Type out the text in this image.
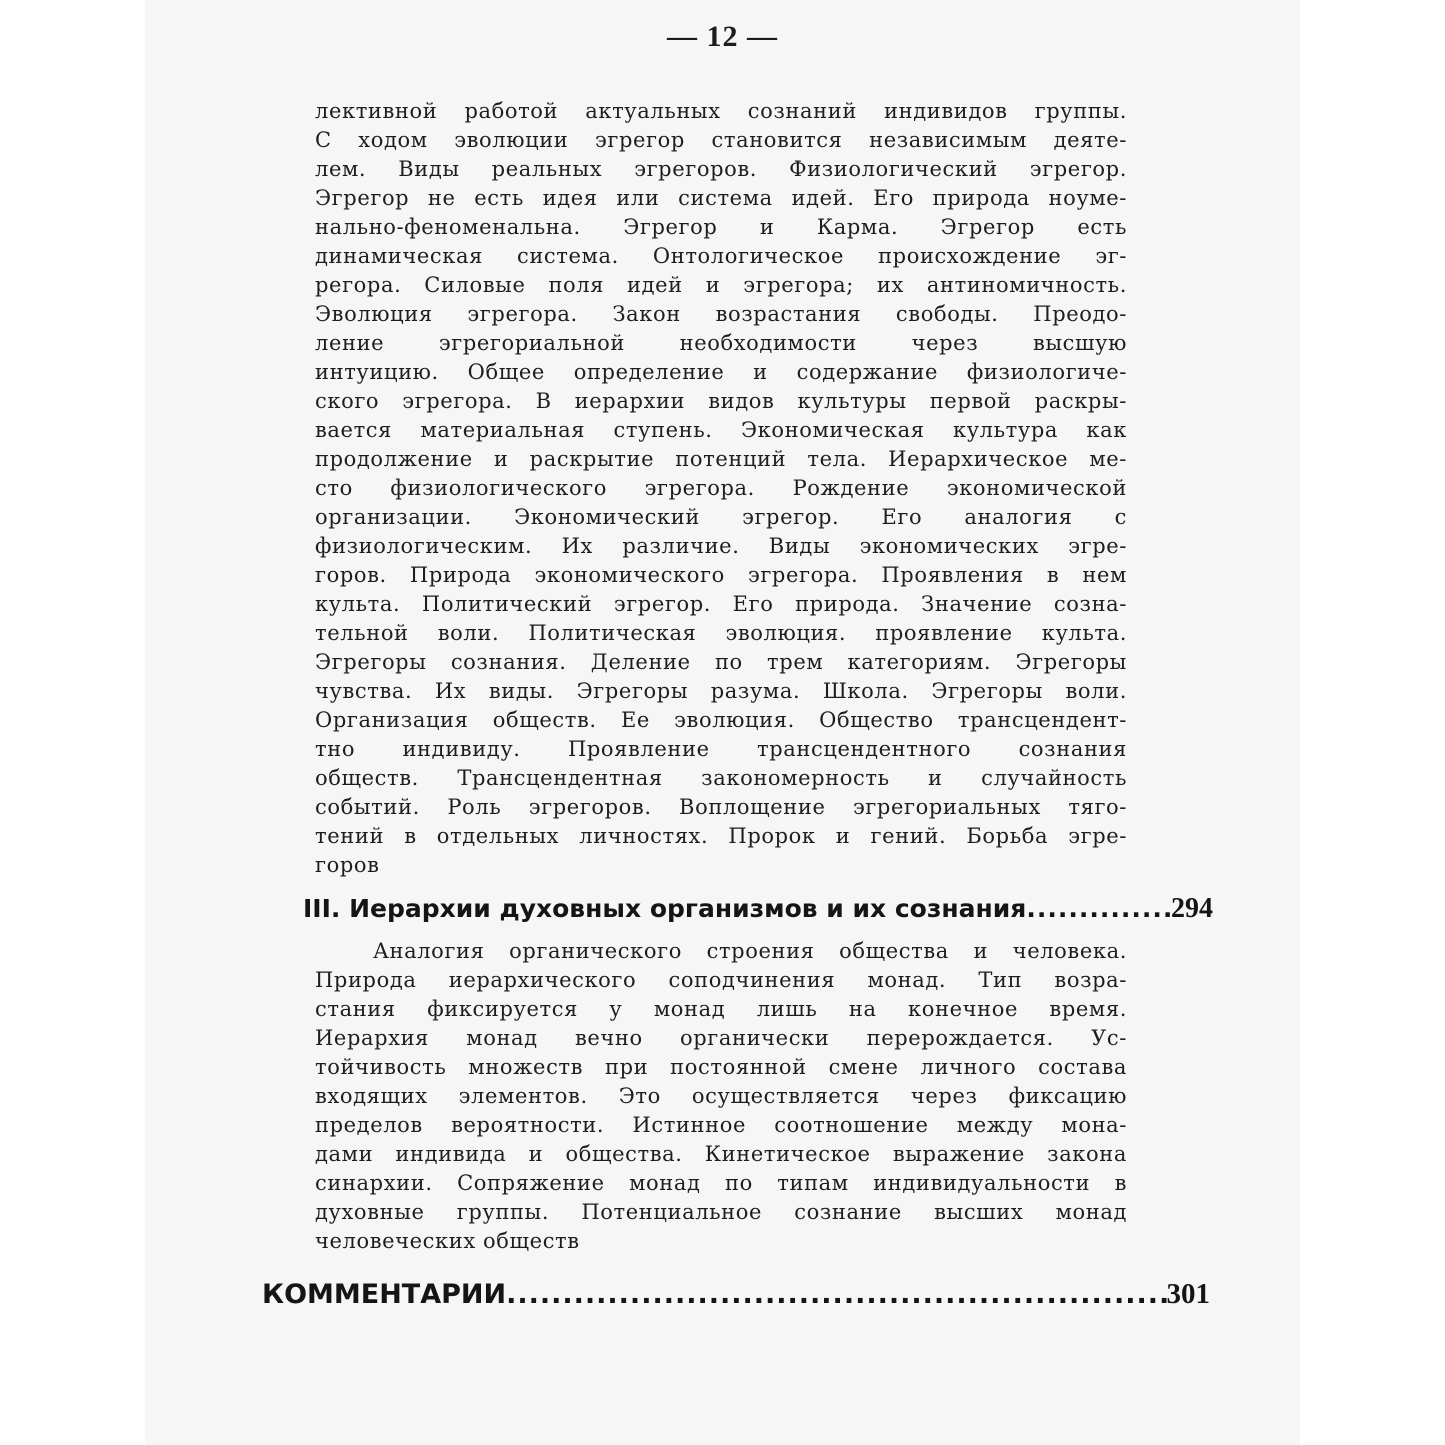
— 12 —
лективной работой актуальных сознаний индивидов группы.
С ходом эволюции эгрегор становится независимым деяте-
лем. Виды реальных эгрегоров. Физиологический эгрегор.
Эгрегор не есть идея или система идей. Его природа ноуме-
нально-феноменальна. Эгрегор и Карма. Эгрегор есть
динамическая система. Онтологическое происхождение эг-
регора. Силовые поля идей и эгрегора; их антиномичность.
Эволюция эгрегора. Закон возрастания свободы. Преодо-
ление эгрегориальной необходимости через высшую
интуицию. Общее определение и содержание физиологиче-
ского эгрегора. В иерархии видов культуры первой раскры-
вается материальная ступень. Экономическая культура как
продолжение и раскрытие потенций тела. Иерархическое ме-
сто физиологического эгрегора. Рождение экономической
организации. Экономический эгрегор. Его аналогия с
физиологическим. Их различие. Виды экономических эгре-
горов. Природа экономического эгрегора. Проявления в нем
культа. Политический эгрегор. Его природа. Значение созна-
тельной воли. Политическая эволюция. проявление культа.
Эгрегоры сознания. Деление по трем категориям. Эгрегоры
чувства. Их виды. Эгрегоры разума. Школа. Эгрегоры воли.
Организация обществ. Ее эволюция. Общество трансцендент-
тно индивиду. Проявление трансцендентного сознания
обществ. Трансцендентная закономерность и случайность
событий. Роль эгрегоров. Воплощение эгрегориальных тяго-
тений в отдельных личностях. Пророк и гений. Борьба эгре-
горов
III. Иерархии духовных организмов и их сознания .....	294
Аналогия органического строения общества и человека.
Природа иерархического соподчинения монад. Тип возра-
стания фиксируется у монад лишь на конечное время.
Иерархия монад вечно органически перерождается. Ус-
тойчивость множеств при постоянной смене личного состава
входящих элементов. Это осуществляется через фиксацию
пределов вероятности. Истинное соотношение между мона-
дами индивида и общества. Кинетическое выражение закона
синархии. Сопряжение монад по типам индивидуальности в
духовные группы. Потенциальное сознание высших монад
человеческих обществ
КОММЕНТАРИИ .....	301
